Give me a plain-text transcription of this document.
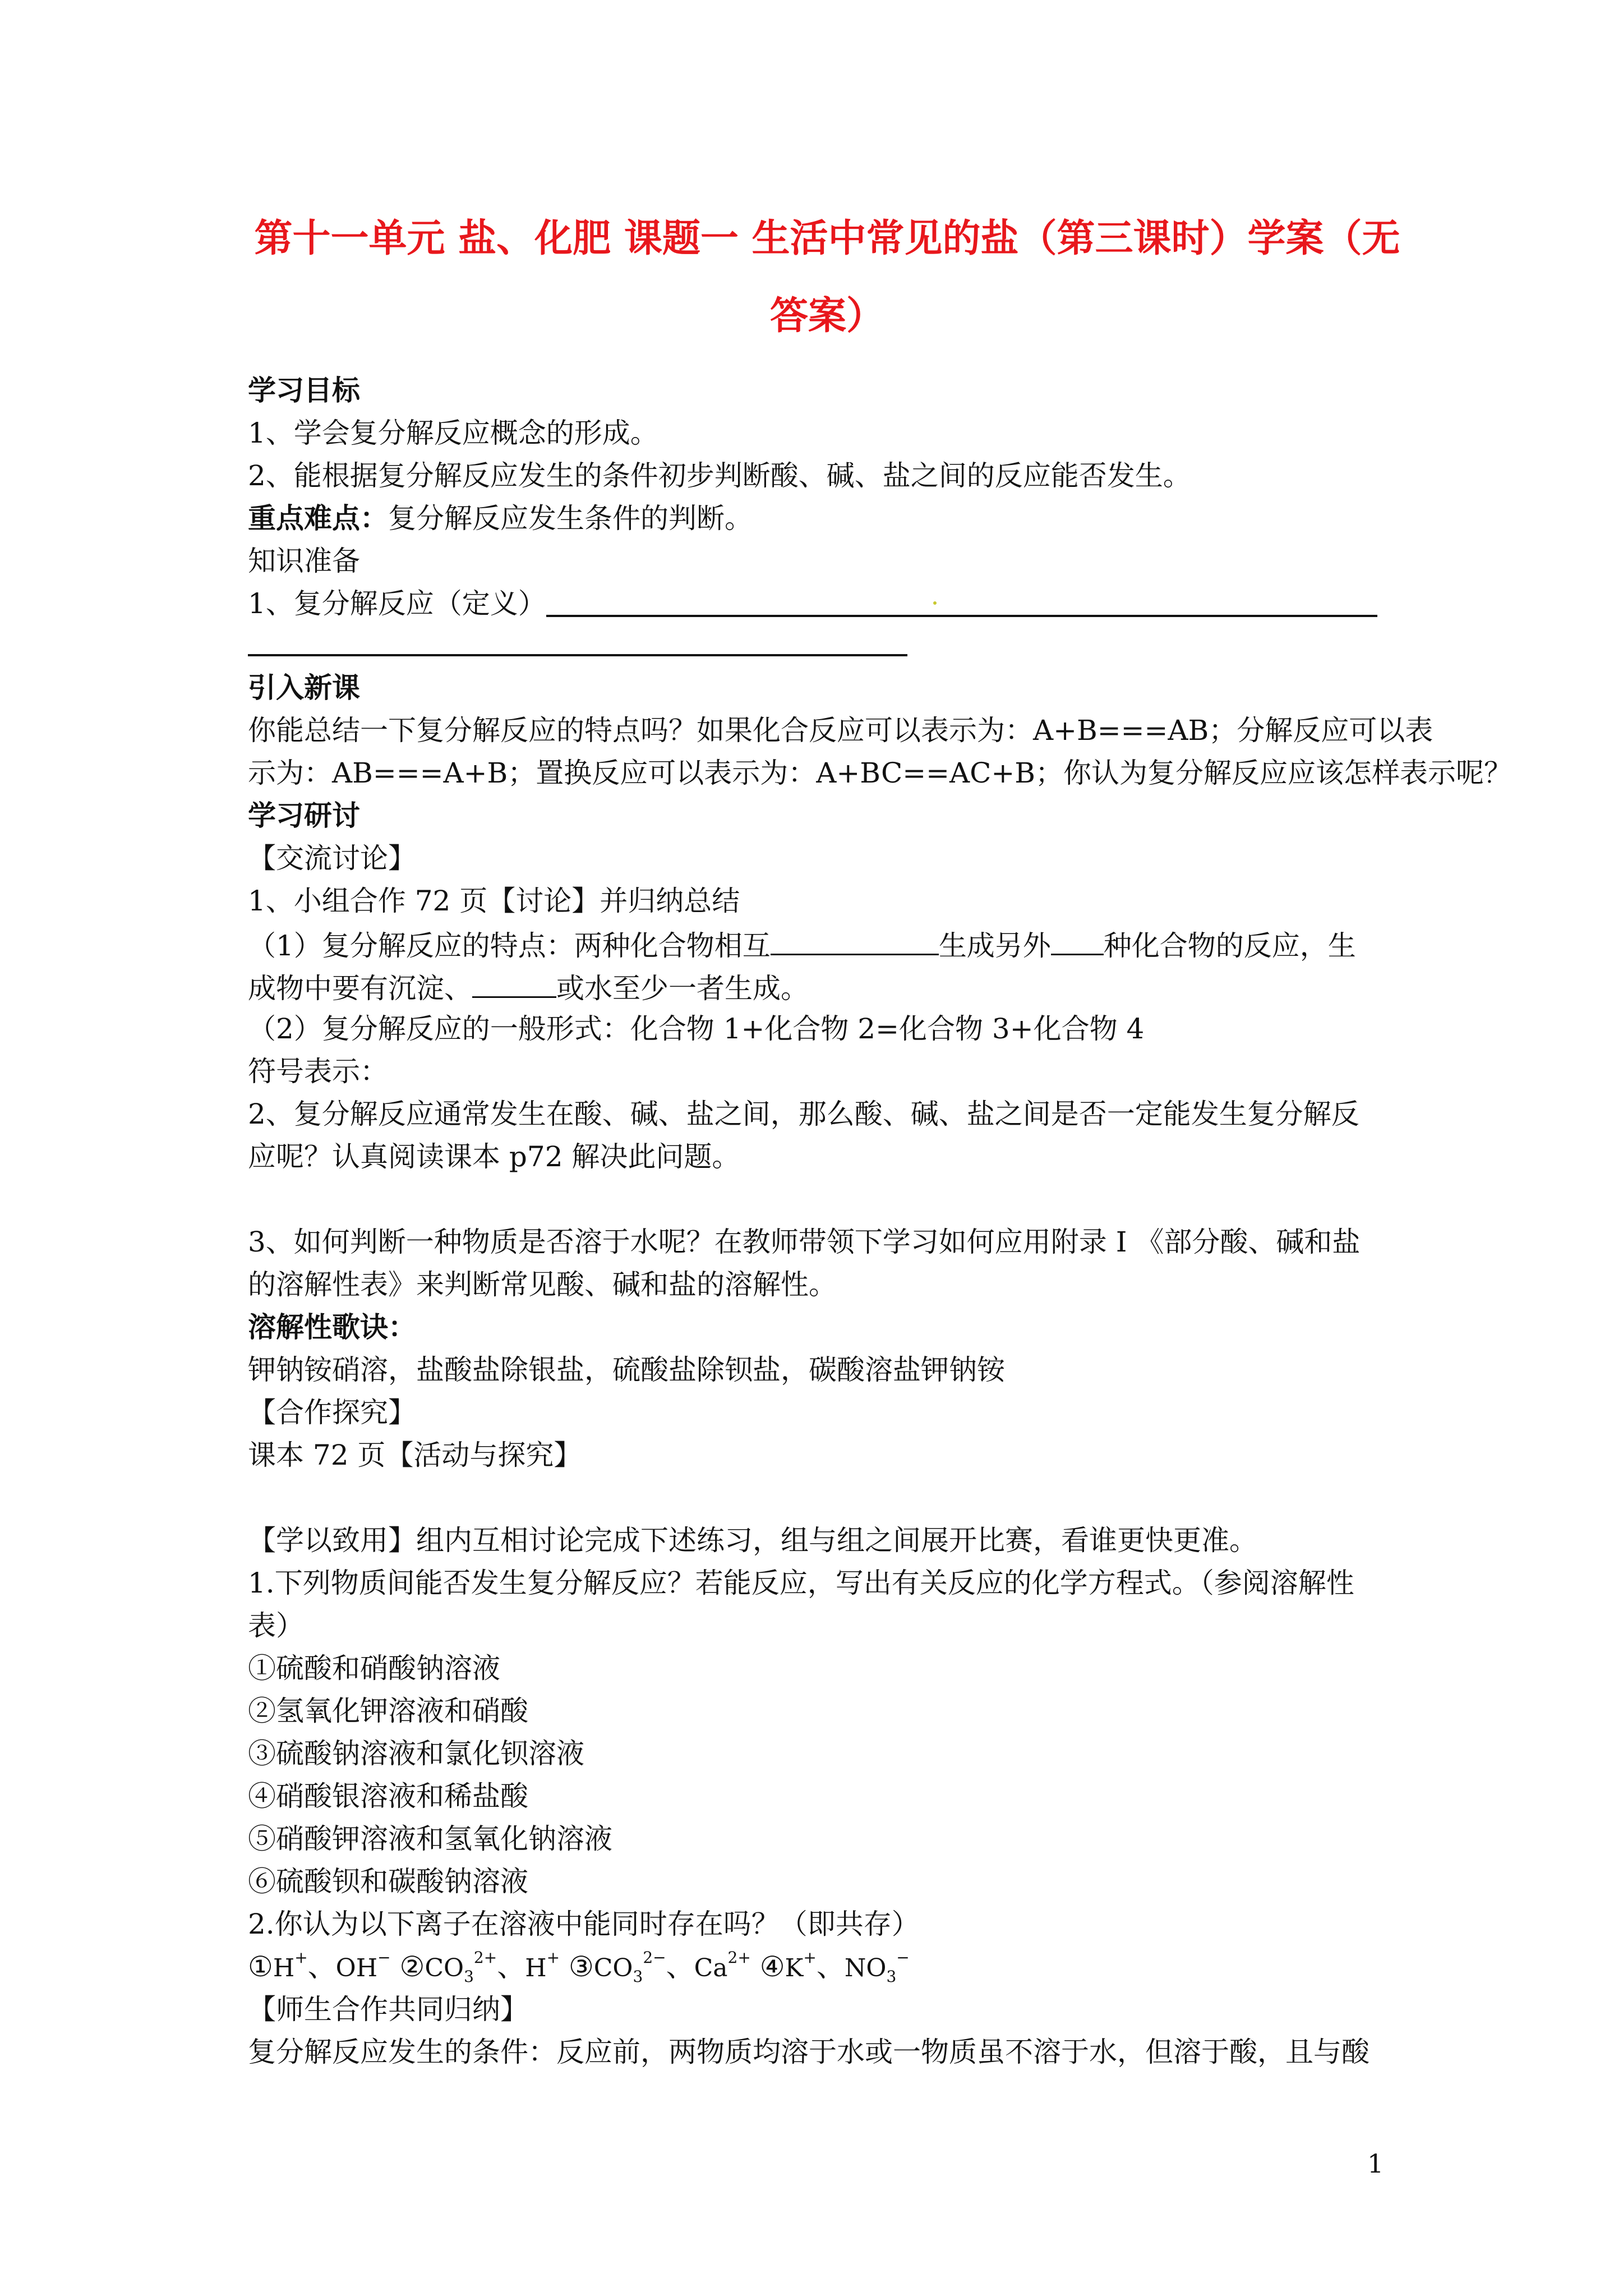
第十一单元 盐、化肥 课题一 生活中常见的盐（第三课时）学案（无
答案）
学习目标
1、学会复分解反应概念的形成。
2、能根据复分解反应发生的条件初步判断酸、碱、盐之间的反应能否发生。
重点难点：复分解反应发生条件的判断。
知识准备
1、复分解反应（定义）
引入新课
你能总结一下复分解反应的特点吗？如果化合反应可以表示为：A+B===AB；分解反应可以表
示为：AB===A+B；置换反应可以表示为：A+BC==AC+B；你认为复分解反应应该怎样表示呢？
学习研讨
【交流讨论】
1、小组合作 72 页【讨论】并归纳总结
（1）复分解反应的特点：两种化合物相互	生成另外 种化合物的反应，生
成物中要有沉淀、	或水至少一者生成。
（2）复分解反应的一般形式：化合物 1+化合物 2=化合物 3+化合物 4
符号表示：
2、复分解反应通常发生在酸、碱、盐之间，那么酸、碱、盐之间是否一定能发生复分解反
应呢？认真阅读课本 p72 解决此问题。
3、如何判断一种物质是否溶于水呢？在教师带领下学习如何应用附录 I 《部分酸、碱和盐
的溶解性表》来判断常见酸、碱和盐的溶解性。
溶解性歌诀：
钾钠铵硝溶，盐酸盐除银盐，硫酸盐除钡盐，碳酸溶盐钾钠铵
【合作探究】
课本 72 页【活动与探究】
【学以致用】组内互相讨论完成下述练习，组与组之间展开比赛，看谁更快更准。
1.下列物质间能否发生复分解反应？若能反应，写出有关反应的化学方程式。（参阅溶解性
表）
①硫酸和硝酸钠溶液
②氢氧化钾溶液和硝酸
③硫酸钠溶液和氯化钡溶液
④硝酸银溶液和稀盐酸
⑤硝酸钾溶液和氢氧化钠溶液
⑥硫酸钡和碳酸钠溶液
2.你认为以下离子在溶液中能同时存在吗？（即共存）
①H+、OH− $②CO_3^{2+}$、H+ $③CO_3^{2-}$、$Ca^{2+}$ ④K+、$NO_3^-$
【师生合作共同归纳】
复分解反应发生的条件：反应前，两物质均溶于水或一物质虽不溶于水，但溶于酸，且与酸
1
